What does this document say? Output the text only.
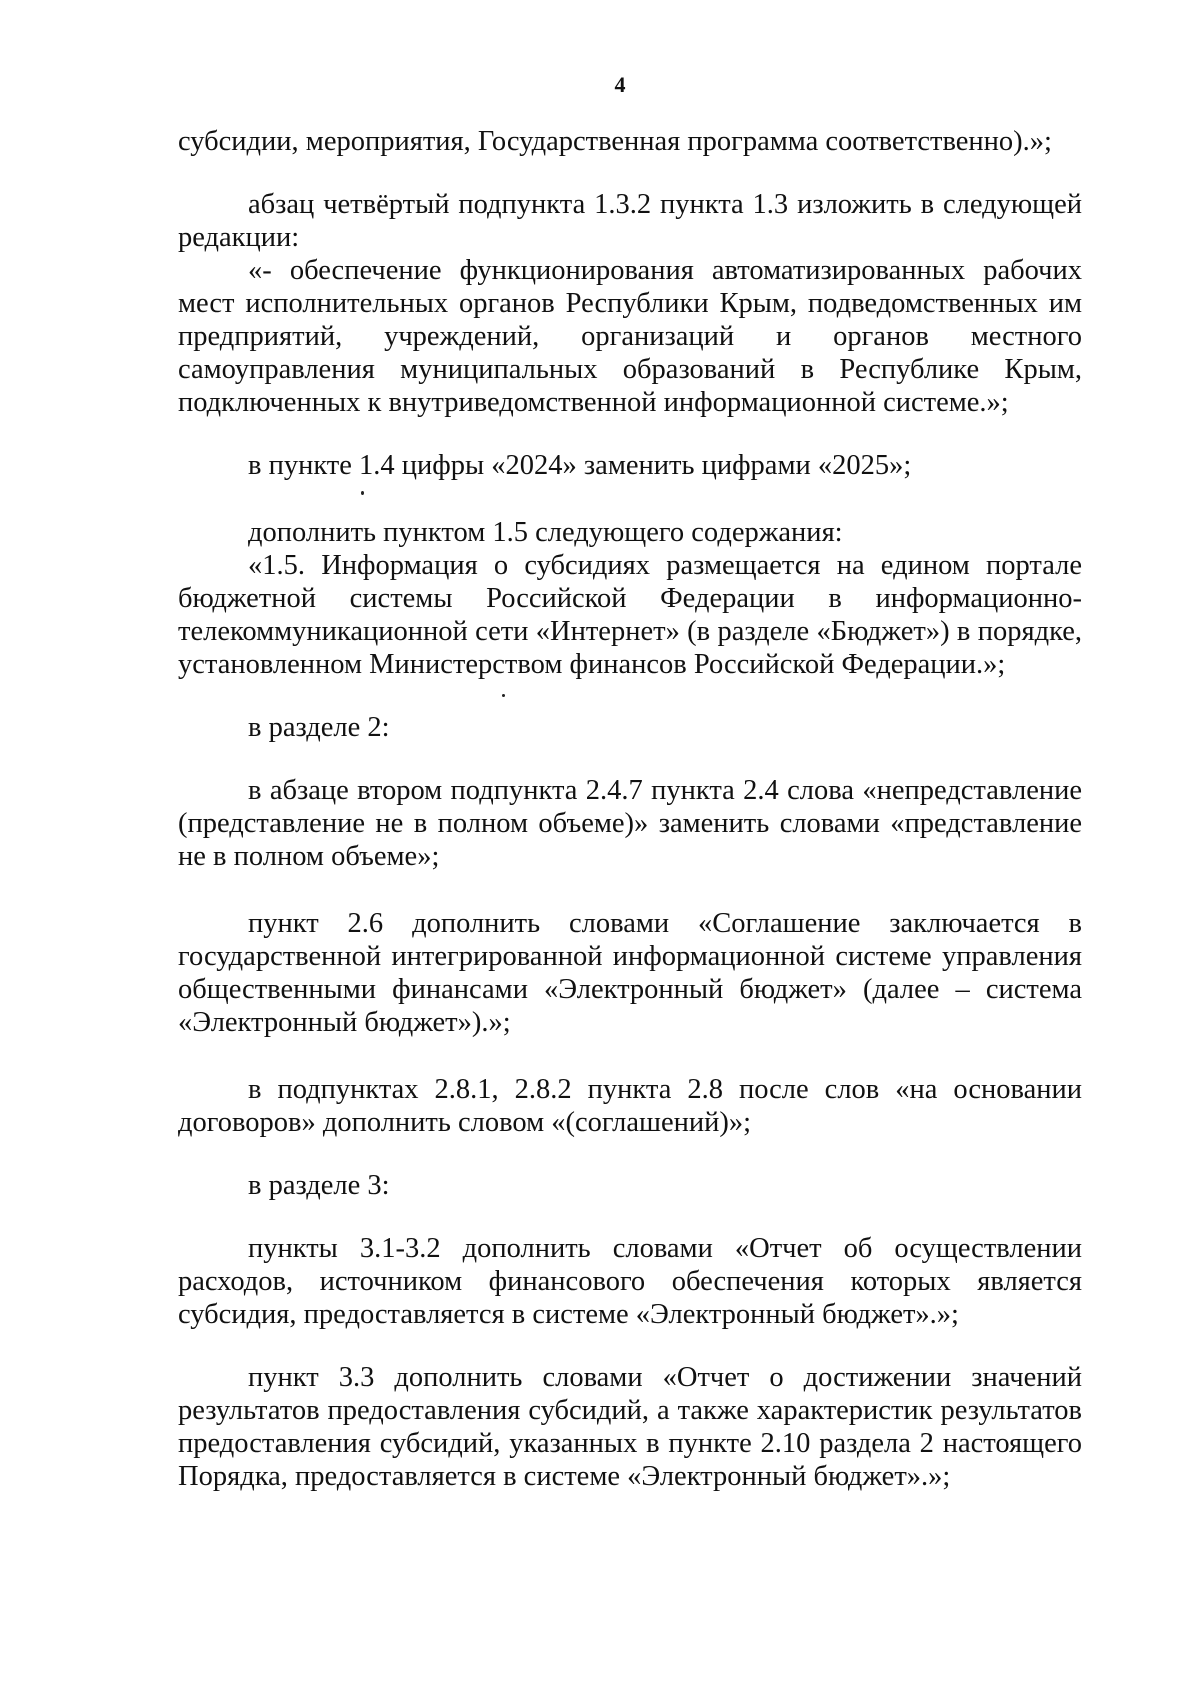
4

субсидии, мероприятия, Государственная программа соответственно).»;

абзац четвёртый подпункта 1.3.2 пункта 1.3 изложить в следующей редакции:

«- обеспечение функционирования автоматизированных рабочих мест исполнительных органов Республики Крым, подведомственных им предприятий, учреждений, организаций и органов местного самоуправления муниципальных образований в Республике Крым, подключенных к внутриведомственной информационной системе.»;

в пункте 1.4 цифры «2024» заменить цифрами «2025»;

дополнить пунктом 1.5 следующего содержания:

«1.5. Информация о субсидиях размещается на едином портале бюджетной системы Российской Федерации в информационно-телекоммуникационной сети «Интернет» (в разделе «Бюджет») в порядке, установленном Министерством финансов Российской Федерации.»;

в разделе 2:

в абзаце втором подпункта 2.4.7 пункта 2.4 слова «непредставление (представление не в полном объеме)» заменить словами «представление не в полном объеме»;

пункт 2.6 дополнить словами «Соглашение заключается в государственной интегрированной информационной системе управления общественными финансами «Электронный бюджет» (далее – система «Электронный бюджет»).»;

в подпунктах 2.8.1, 2.8.2 пункта 2.8 после слов «на основании договоров» дополнить словом «(соглашений)»;

в разделе 3:

пункты 3.1-3.2 дополнить словами «Отчет об осуществлении расходов, источником финансового обеспечения которых является субсидия, предоставляется в системе «Электронный бюджет».»;

пункт 3.3 дополнить словами «Отчет о достижении значений результатов предоставления субсидий, а также характеристик результатов предоставления субсидий, указанных в пункте 2.10 раздела 2 настоящего Порядка, предоставляется в системе «Электронный бюджет».»;
